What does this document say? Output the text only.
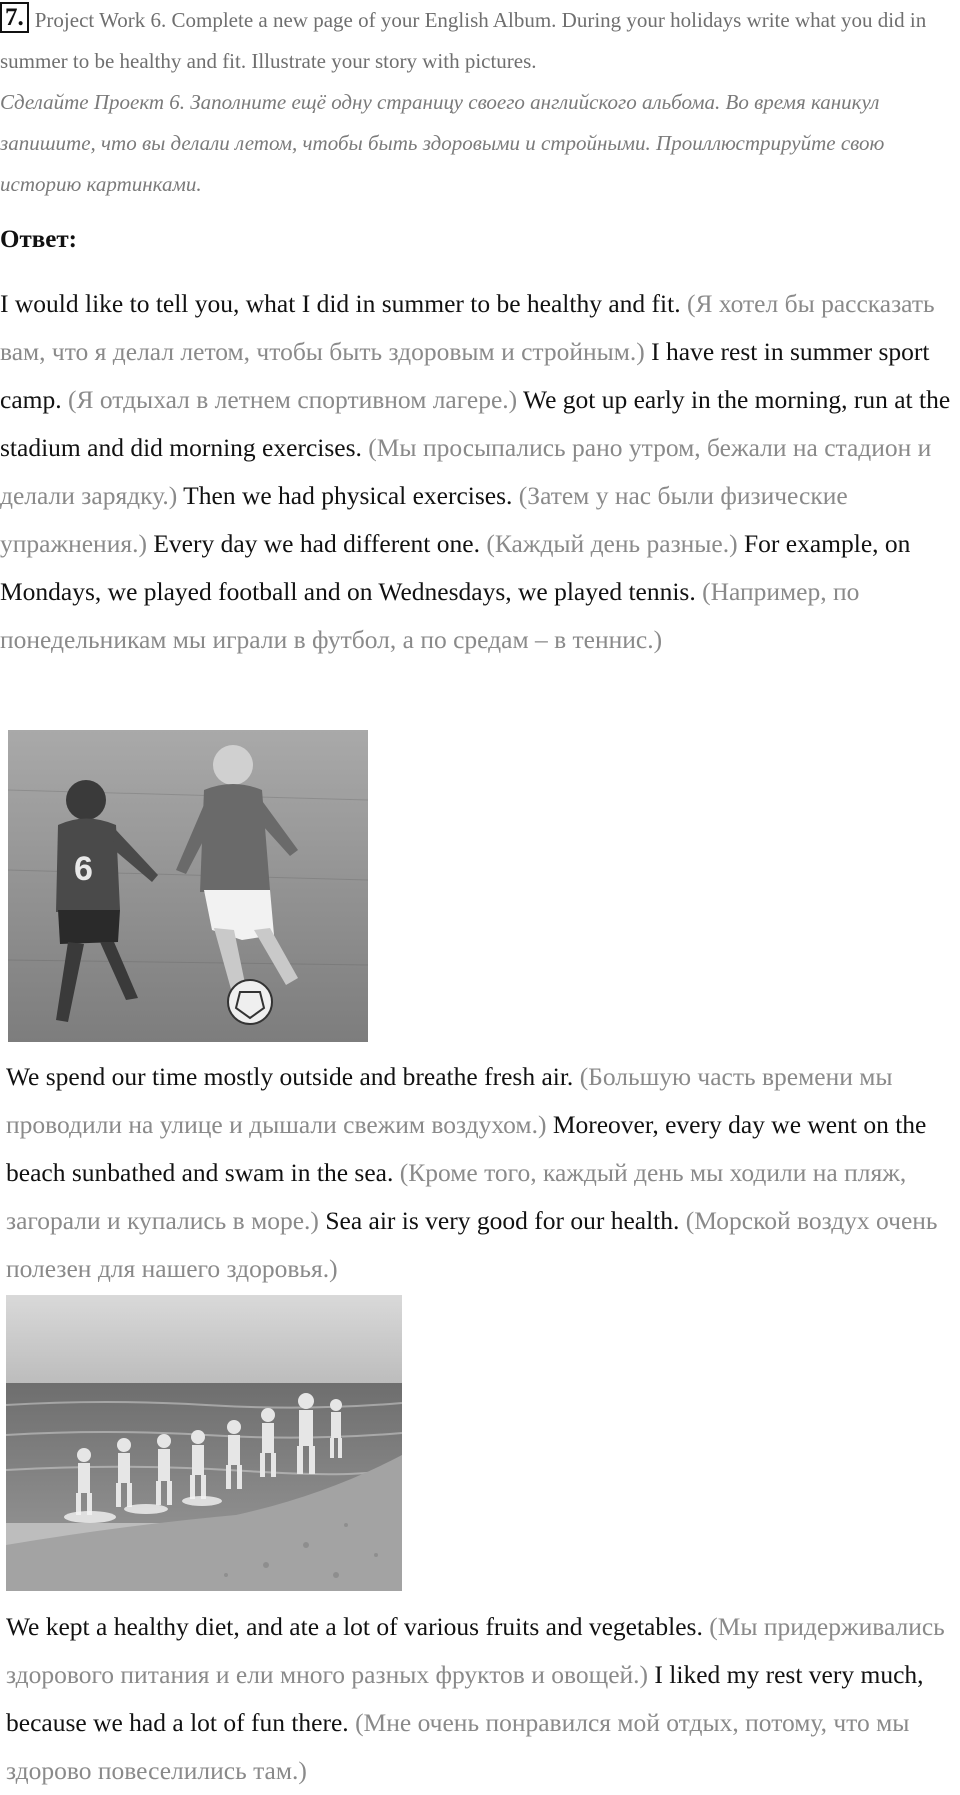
7. Project Work 6. Complete a new page of your English Album. During your holidays write what you did in summer to be healthy and fit. Illustrate your story with pictures.
Сделайте Проект 6. Заполните ещё одну страницу своего английского альбома. Во время каникул запишите, что вы делали летом, чтобы быть здоровыми и стройными. Проиллюстрируйте свою историю картинками.
Ответ:
I would like to tell you, what I did in summer to be healthy and fit. (Я хотел бы рассказать вам, что я делал летом, чтобы быть здоровым и стройным.) I have rest in summer sport camp. (Я отдыхал в летнем спортивном лагере.) We got up early in the morning, run at the stadium and did morning exercises. (Мы просыпались рано утром, бежали на стадион и делали зарядку.) Then we had physical exercises. (Затем у нас были физические упражнения.) Every day we had different one. (Каждый день разные.) For example, on Mondays, we played football and on Wednesdays, we played tennis. (Например, по понедельникам мы играли в футбол, а по средам – в теннис.)
6
We spend our time mostly outside and breathe fresh air. (Большую часть времени мы проводили на улице и дышали свежим воздухом.) Moreover, every day we went on the beach sunbathed and swam in the sea. (Кроме того, каждый день мы ходили на пляж, загорали и купались в море.) Sea air is very good for our health. (Морской воздух очень полезен для нашего здоровья.)
We kept a healthy diet, and ate a lot of various fruits and vegetables. (Мы придерживались здорового питания и ели много разных фруктов и овощей.) I liked my rest very much, because we had a lot of fun there. (Мне очень понравился мой отдых, потому, что мы здорово повеселились там.)
